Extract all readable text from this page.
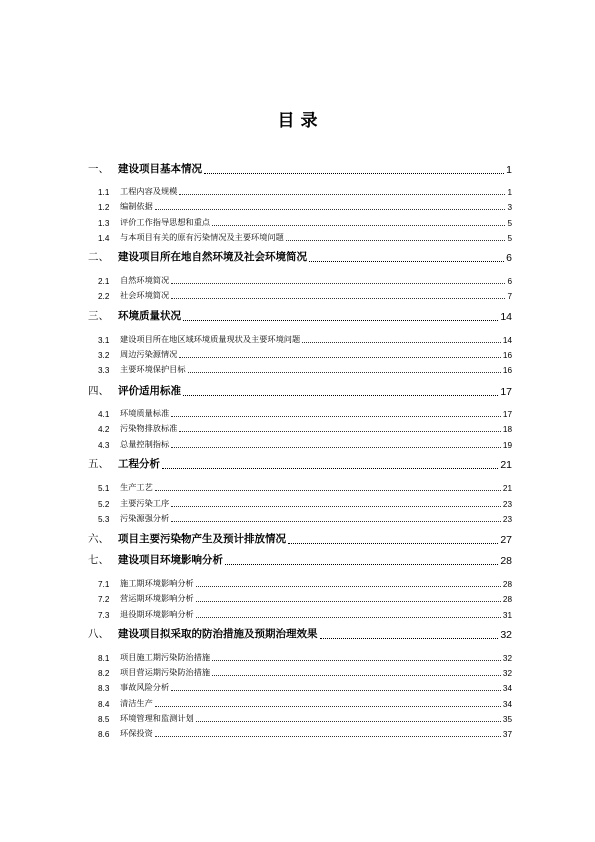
目 录
一、 建设项目基本情况	1
1.1	工程内容及规模	1
1.2	编制依据	3
1.3	评价工作指导思想和重点	5
1.4	与本项目有关的原有污染情况及主要环境问题	5
二、 建设项目所在地自然环境及社会环境简况	6
2.1	自然环境简况	6
2.2	社会环境简况	7
三、 环境质量状况	14
3.1	建设项目所在地区域环境质量现状及主要环境问题	14
3.2	周边污染源情况	16
3.3	主要环境保护目标	16
四、 评价适用标准	17
4.1	环境质量标准	17
4.2	污染物排放标准	18
4.3	总量控制指标	19
五、 工程分析	21
5.1	生产工艺	21
5.2	主要污染工序	23
5.3	污染源强分析	23
六、 项目主要污染物产生及预计排放情况	27
七、 建设项目环境影响分析	28
7.1	施工期环境影响分析	28
7.2	营运期环境影响分析	28
7.3	退役期环境影响分析	31
八、 建设项目拟采取的防治措施及预期治理效果	32
8.1	项目施工期污染防治措施	32
8.2	项目营运期污染防治措施	32
8.3	事故风险分析	34
8.4	清洁生产	34
8.5	环境管理和监测计划	35
8.6	环保投资	37
